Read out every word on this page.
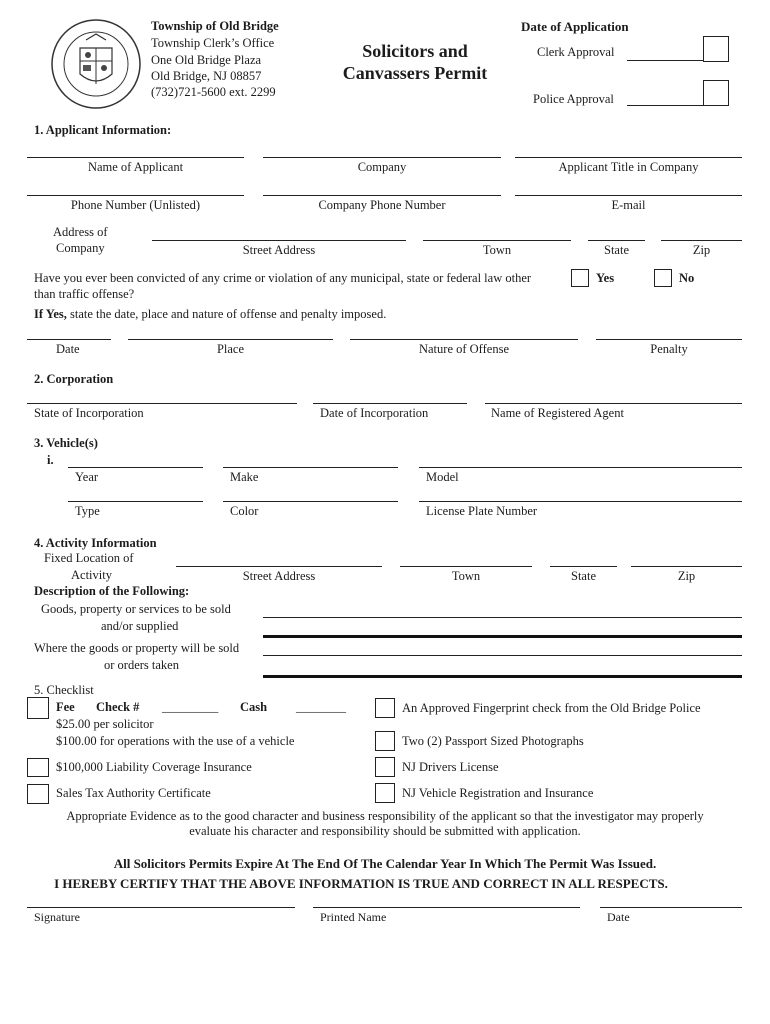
Township of Old Bridge
Township Clerk’s Office
One Old Bridge Plaza
Old Bridge, NJ 08857
(732)721-5600 ext. 2299
Solicitors and
Canvassers Permit
Date of Application
Clerk Approval
Police Approval
1. Applicant Information:
Name of Applicant	Company	Applicant Title in Company
Phone Number (Unlisted)	Company Phone Number	E-mail
Address of
Company	Street Address	Town	State	Zip
Have you ever been convicted of any crime or violation of any municipal, state or federal law other
than traffic offense?
Yes	No
If Yes, state the date, place and nature of offense and penalty imposed.
Date	Place	Nature of Offense	Penalty
2. Corporation
State of Incorporation	Date of Incorporation	Name of Registered Agent
3. Vehicle(s)
i.
Year	Make	Model
Type	Color	License Plate Number
4. Activity Information
Fixed Location of
Activity	Street Address	Town	State	Zip
Description of the Following:
Goods, property or services to be sold
and/or supplied
Where the goods or property will be sold
or orders taken
5. Checklist
Fee Check # _________ Cash ________
$25.00 per solicitor
$100.00 for operations with the use of a vehicle
$100,000 Liability Coverage Insurance
Sales Tax Authority Certificate
An Approved Fingerprint check from the Old Bridge Police
Two (2) Passport Sized Photographs
NJ Drivers License
NJ Vehicle Registration and Insurance
Appropriate Evidence as to the good character and business responsibility of the applicant so that the investigator may properly
evaluate his character and responsibility should be submitted with application.
All Solicitors Permits Expire At The End Of The Calendar Year In Which The Permit Was Issued.
I HEREBY CERTIFY THAT THE ABOVE INFORMATION IS TRUE AND CORRECT IN ALL RESPECTS.
Signature	Printed Name	Date
